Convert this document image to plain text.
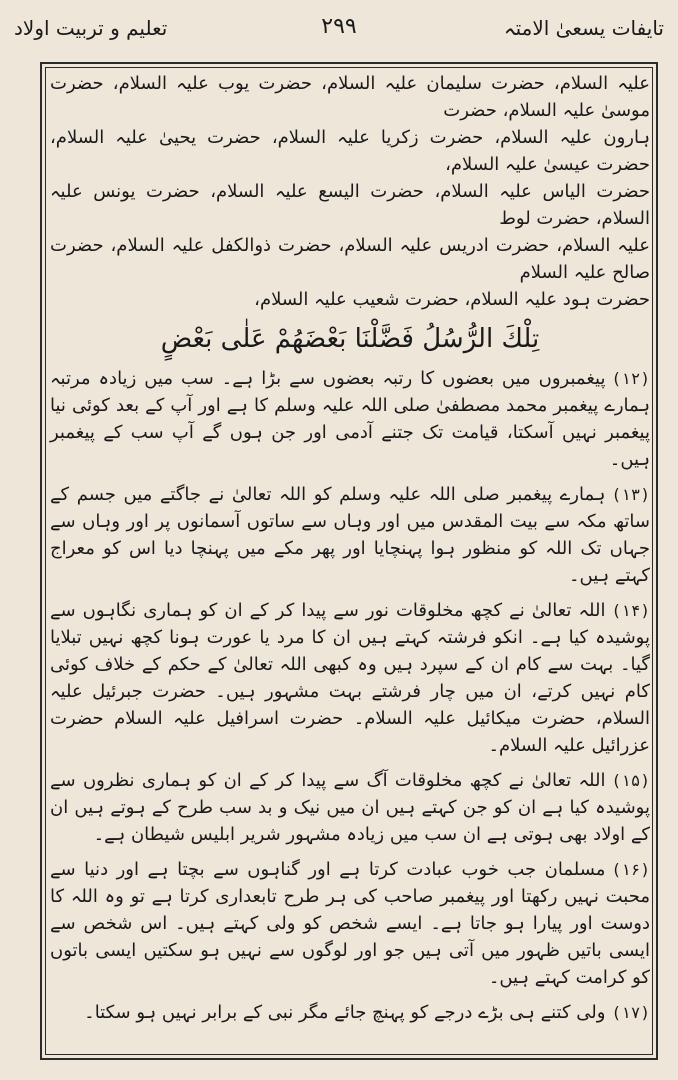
تایفات یسعیٰ الامتہ
۲۹۹
تعلیم و تربیت اولاد

علیہ السلام، حضرت سلیمان علیہ السلام، حضرت یوب علیہ السلام، حضرت موسیٰ علیہ السلام، حضرت

ہارون علیہ السلام، حضرت زکریا علیہ السلام، حضرت یحییٰ علیہ السلام، حضرت عیسیٰ علیہ السلام،

حضرت الیاس علیہ السلام، حضرت الیسع علیہ السلام، حضرت یونس علیہ السلام، حضرت لوط

علیہ السلام، حضرت ادریس علیہ السلام، حضرت ذوالکفل علیہ السلام، حضرت صالح علیہ السلام

حضرت ہود علیہ السلام، حضرت شعیب علیہ السلام،

تِلْكَ الرُّسُلُ فَضَّلْنَا بَعْضَهُمْ عَلٰی بَعْضٍ
(۱۲)پیغمبروں میں بعضوں کا رتبہ بعضوں سے بڑا ہے۔ سب میں زیادہ مرتبہ ہمارے پیغمبر محمد مصطفیٰ صلی اللہ علیہ وسلم کا ہے اور آپ کے بعد کوئی نیا پیغمبر نہیں آسکتا، قیامت تک جتنے آدمی اور جن ہوں گے آپ سب کے پیغمبر ہیں۔
(۱۳)ہمارے پیغمبر صلی اللہ علیہ وسلم کو اللہ تعالیٰ نے جاگتے میں جسم کے ساتھ مکہ سے بیت المقدس میں اور وہاں سے ساتوں آسمانوں پر اور وہاں سے جہاں تک اللہ کو منظور ہوا پہنچایا اور پھر مکے میں پہنچا دیا اس کو معراج کہتے ہیں۔
(۱۴)اللہ تعالیٰ نے کچھ مخلوقات نور سے پیدا کر کے ان کو ہماری نگاہوں سے پوشیدہ کیا ہے۔ انکو فرشتہ کہتے ہیں ان کا مرد یا عورت ہونا کچھ نہیں تبلایا گیا۔ بہت سے کام ان کے سپرد ہیں وہ کبھی اللہ تعالیٰ کے حکم کے خلاف کوئی کام نہیں کرتے، ان میں چار فرشتے بہت مشہور ہیں۔ حضرت جبرئیل علیہ السلام، حضرت میکائیل علیہ السلام۔ حضرت اسرافیل علیہ السلام حضرت عزرائیل علیہ السلام۔
(۱۵)اللہ تعالیٰ نے کچھ مخلوقات آگ سے پیدا کر کے ان کو ہماری نظروں سے پوشیدہ کیا ہے ان کو جن کہتے ہیں ان میں نیک و بد سب طرح کے ہوتے ہیں ان کے اولاد بھی ہوتی ہے ان سب میں زیادہ مشہور شریر ابلیس شیطان ہے۔
(۱۶)مسلمان جب خوب عبادت کرتا ہے اور گناہوں سے بچتا ہے اور دنیا سے محبت نہیں رکھتا اور پیغمبر صاحب کی ہر طرح تابعداری کرتا ہے تو وہ اللہ کا دوست اور پیارا ہو جاتا ہے۔ ایسے شخص کو ولی کہتے ہیں۔ اس شخص سے ایسی باتیں ظہور میں آتی ہیں جو اور لوگوں سے نہیں ہو سکتیں ایسی باتوں کو کرامت کہتے ہیں۔
(۱۷)ولی کتنے ہی بڑے درجے کو پہنچ جائے مگر نبی کے برابر نہیں ہو سکتا۔
